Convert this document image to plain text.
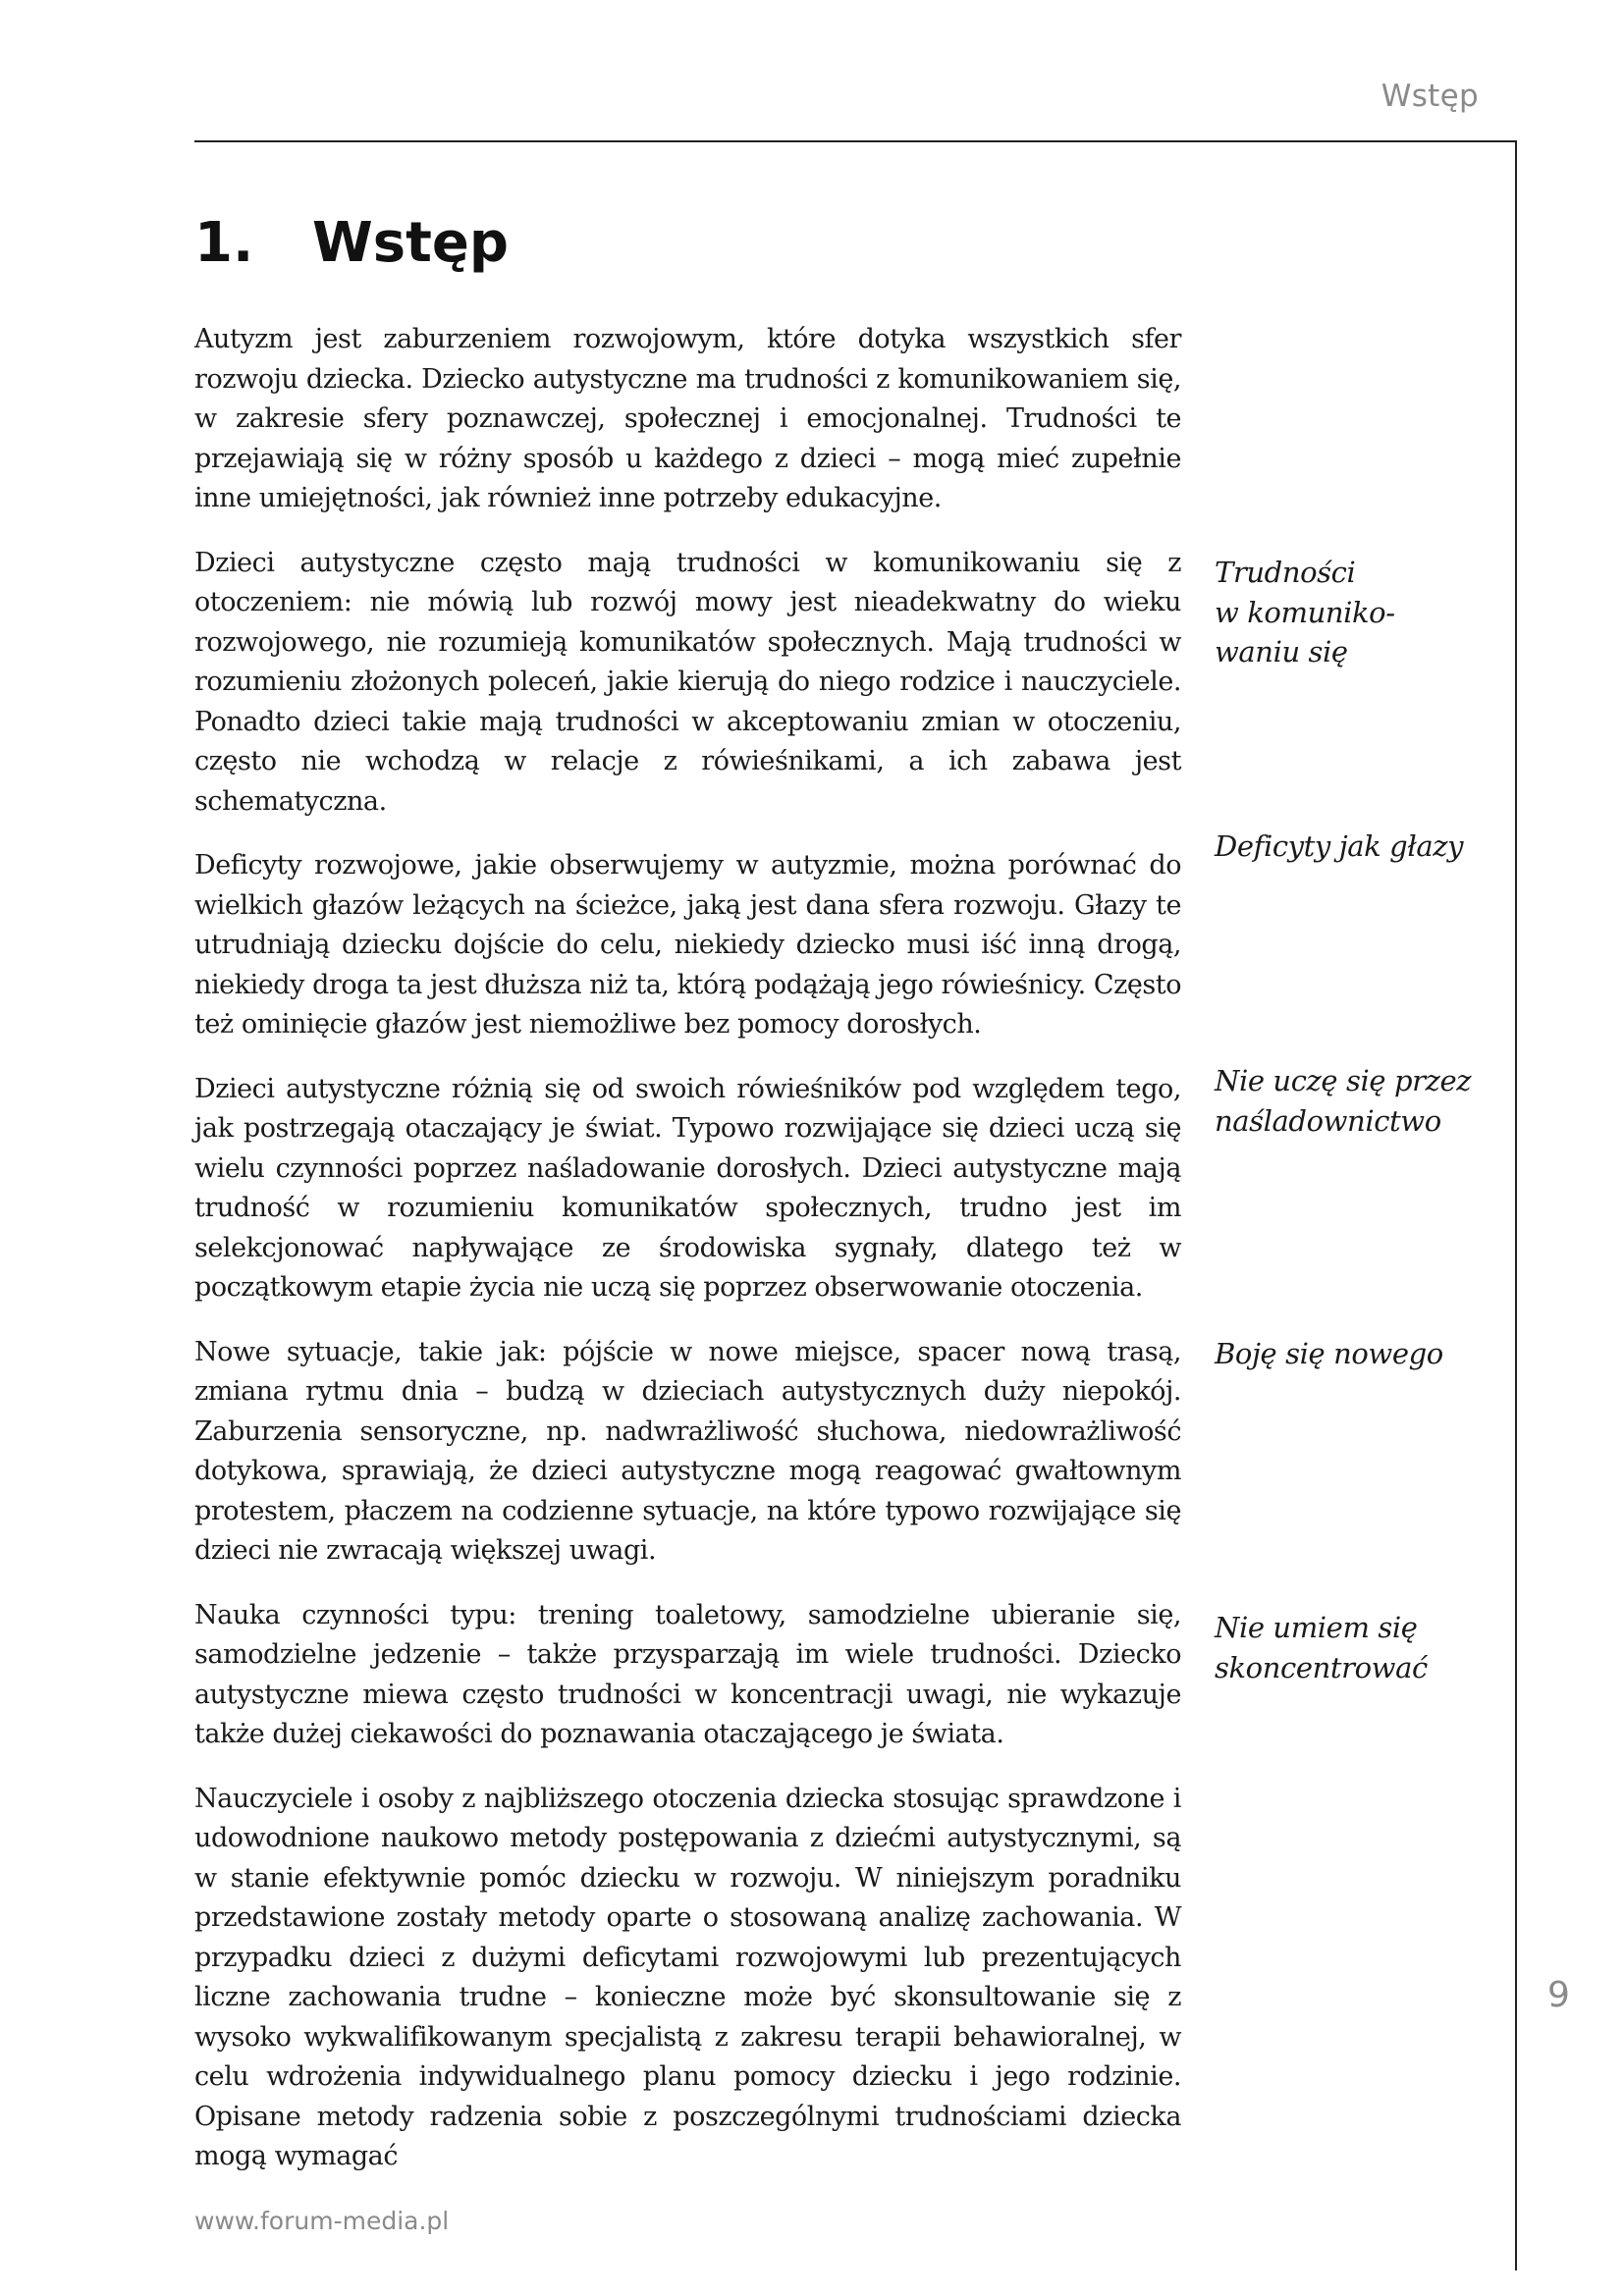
Wstęp
1.	Wstęp

Autyzm jest zaburzeniem rozwojowym, które dotyka wszystkich sfer rozwoju dziecka. Dziecko autystyczne ma trudności z komunikowaniem się, w zakresie sfery poznawczej, społecznej i emocjonalnej. Trudności te przejawiają się w różny sposób u każdego z dzieci – mogą mieć zupełnie inne umiejętności, jak również inne potrzeby edukacyjne.

Dzieci autystyczne często mają trudności w komunikowaniu się z otoczeniem: nie mówią lub rozwój mowy jest nieadekwatny do wieku rozwojowego, nie rozumieją komunikatów społecznych. Mają trudności w rozumieniu złożonych poleceń, jakie kierują do niego rodzice i nauczyciele. Ponadto dzieci takie mają trudności w akceptowaniu zmian w otoczeniu, często nie wchodzą w relacje z rówieśnikami, a ich zabawa jest schematyczna.

Deficyty rozwojowe, jakie obserwujemy w autyzmie, można porównać do wielkich głazów leżących na ścieżce, jaką jest dana sfera rozwoju. Głazy te utrudniają dziecku dojście do celu, niekiedy dziecko musi iść inną drogą, niekiedy droga ta jest dłuższa niż ta, którą podążają jego rówieśnicy. Często też ominięcie głazów jest niemożliwe bez pomocy dorosłych.

Dzieci autystyczne różnią się od swoich rówieśników pod względem tego, jak postrzegają otaczający je świat. Typowo rozwijające się dzieci uczą się wielu czynności poprzez naśladowanie dorosłych. Dzieci autystyczne mają trudność w rozumieniu komunikatów społecznych, trudno jest im selekcjonować napływające ze środowiska sygnały, dlatego też w początkowym etapie życia nie uczą się poprzez obserwowanie otoczenia.

Nowe sytuacje, takie jak: pójście w nowe miejsce, spacer nową trasą, zmiana rytmu dnia – budzą w dzieciach autystycznych duży niepokój. Zaburzenia sensoryczne, np. nadwrażliwość słuchowa, niedowrażliwość dotykowa, sprawiają, że dzieci autystyczne mogą reagować gwałtownym protestem, płaczem na codzienne sytuacje, na które typowo rozwijające się dzieci nie zwracają większej uwagi.

Nauka czynności typu: trening toaletowy, samodzielne ubieranie się, samodzielne jedzenie – także przysparzają im wiele trudności. Dziecko autystyczne miewa często trudności w koncentracji uwagi, nie wykazuje także dużej ciekawości do poznawania otaczającego je świata.

Nauczyciele i osoby z najbliższego otoczenia dziecka stosując sprawdzone i udowodnione naukowo metody postępowania z dziećmi autystycznymi, są w stanie efektywnie pomóc dziecku w rozwoju. W niniejszym poradniku przedstawione zostały metody oparte o stosowaną analizę zachowania. W przypadku dzieci z dużymi deficytami rozwojowymi lub prezentujących liczne zachowania trudne – konieczne może być skonsultowanie się z wysoko wykwalifikowanym specjalistą z zakresu terapii behawioralnej, w celu wdrożenia indywidualnego planu pomocy dziecku i jego rodzinie. Opisane metody radzenia sobie z poszczególnymi trudnościami dziecka mogą wymagać

Trudności
w komuniko-
waniu się
Deficyty jak głazy
Nie uczę się przez
naśladownictwo
Boję się nowego
Nie umiem się
skoncentrować
9
www.forum-media.pl
